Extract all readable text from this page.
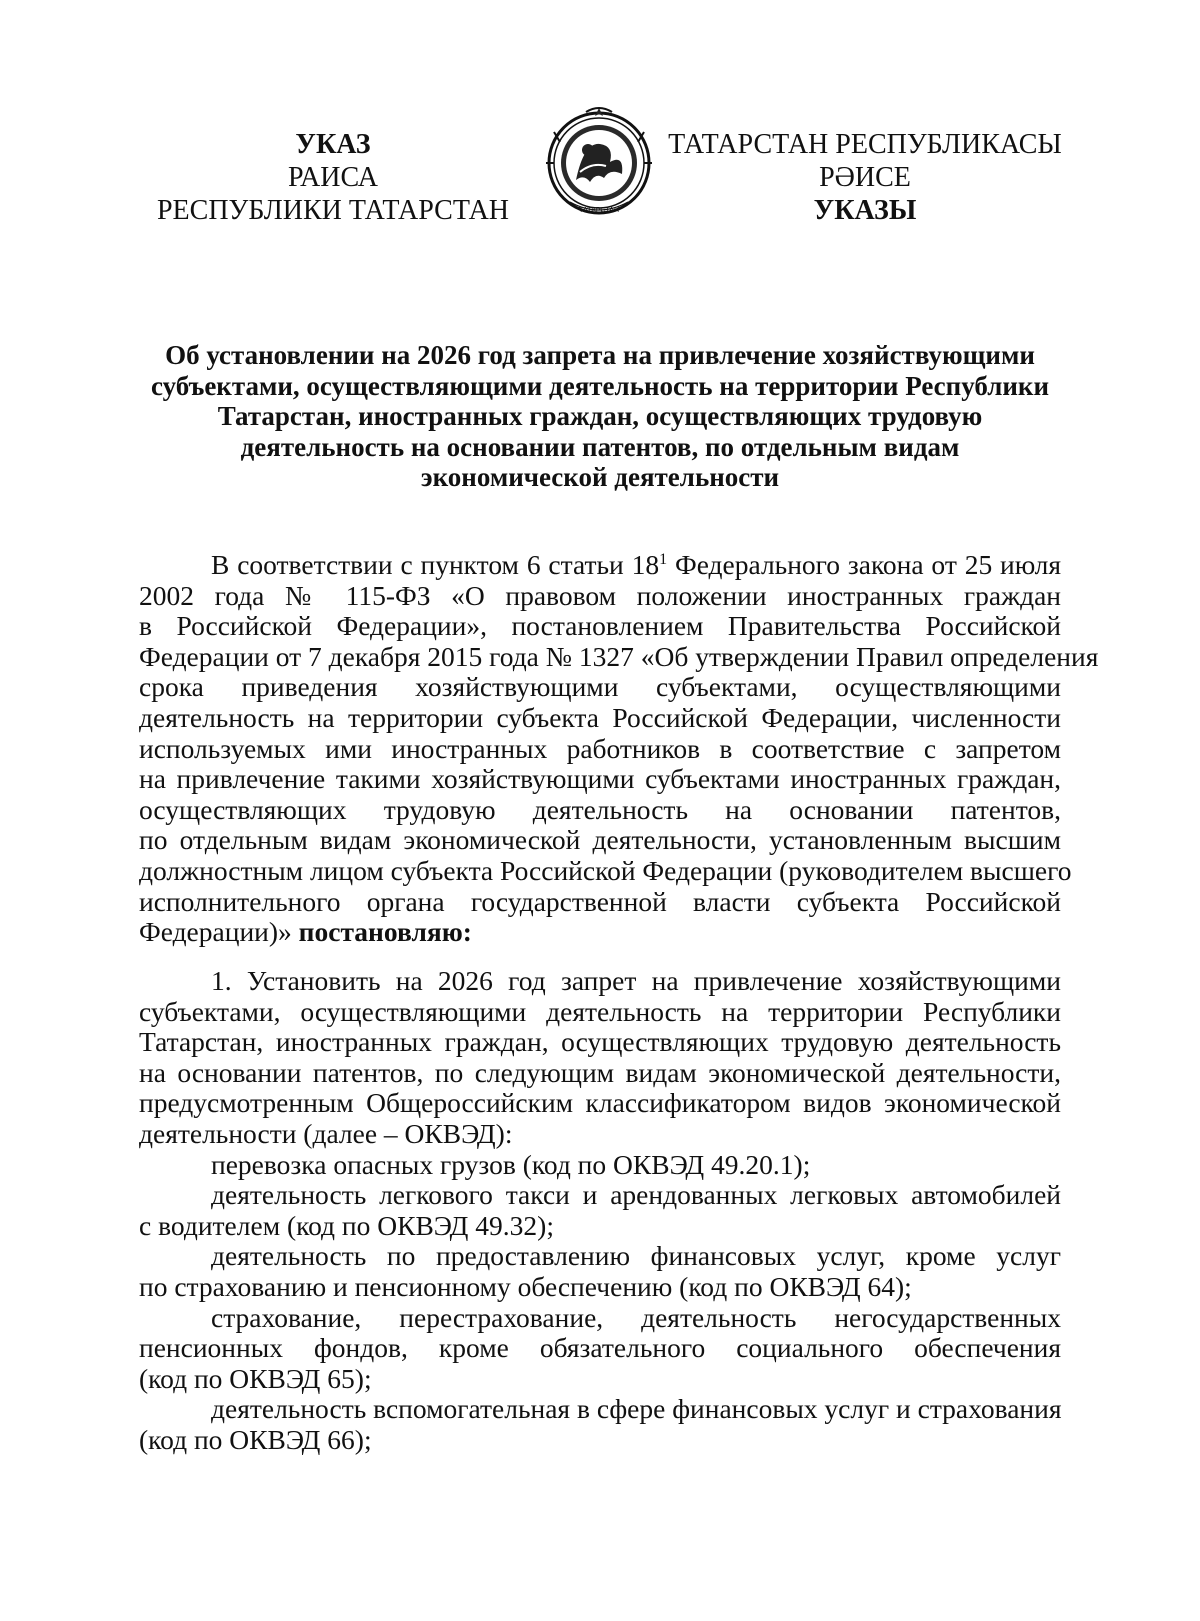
УКАЗ
РАИСА
РЕСПУБЛИКИ ТАТАРСТАН	ТАТАРСТАН
ТАТАРСТАН РЕСПУБЛИКАСЫ
РӘИСЕ
УКАЗЫ
Об установлении на 2026 год запрета на привлечение хозяйствующими
субъектами, осуществляющими деятельность на территории Республики
Татарстан, иностранных граждан, осуществляющих трудовую
деятельность на основании патентов, по отдельным видам
экономической деятельности
В соответствии с пунктом 6 статьи $18^1$ Федерального закона от 25 июля
2002 года № 115-ФЗ «О правовом положении иностранных граждан
в Российской Федерации», постановлением Правительства Российской
Федерации от 7 декабря 2015 года № 1327 «Об утверждении Правил определения
срока приведения хозяйствующими субъектами, осуществляющими
деятельность на территории субъекта Российской Федерации, численности
используемых ими иностранных работников в соответствие с запретом
на привлечение такими хозяйствующими субъектами иностранных граждан,
осуществляющих трудовую деятельность на основании патентов,
по отдельным видам экономической деятельности, установленным высшим
должностным лицом субъекта Российской Федерации (руководителем высшего
исполнительного органа государственной власти субъекта Российской
Федерации)» постановляю:
1. Установить на 2026 год запрет на привлечение хозяйствующими
субъектами, осуществляющими деятельность на территории Республики
Татарстан, иностранных граждан, осуществляющих трудовую деятельность
на основании патентов, по следующим видам экономической деятельности,
предусмотренным Общероссийским классификатором видов экономической
деятельности (далее – ОКВЭД):
перевозка опасных грузов (код по ОКВЭД 49.20.1);
деятельность легкового такси и арендованных легковых автомобилей
с водителем (код по ОКВЭД 49.32);
деятельность по предоставлению финансовых услуг, кроме услуг
по страхованию и пенсионному обеспечению (код по ОКВЭД 64);
страхование, перестрахование, деятельность негосударственных
пенсионных фондов, кроме обязательного социального обеспечения
(код по ОКВЭД 65);
деятельность вспомогательная в сфере финансовых услуг и страхования
(код по ОКВЭД 66);
